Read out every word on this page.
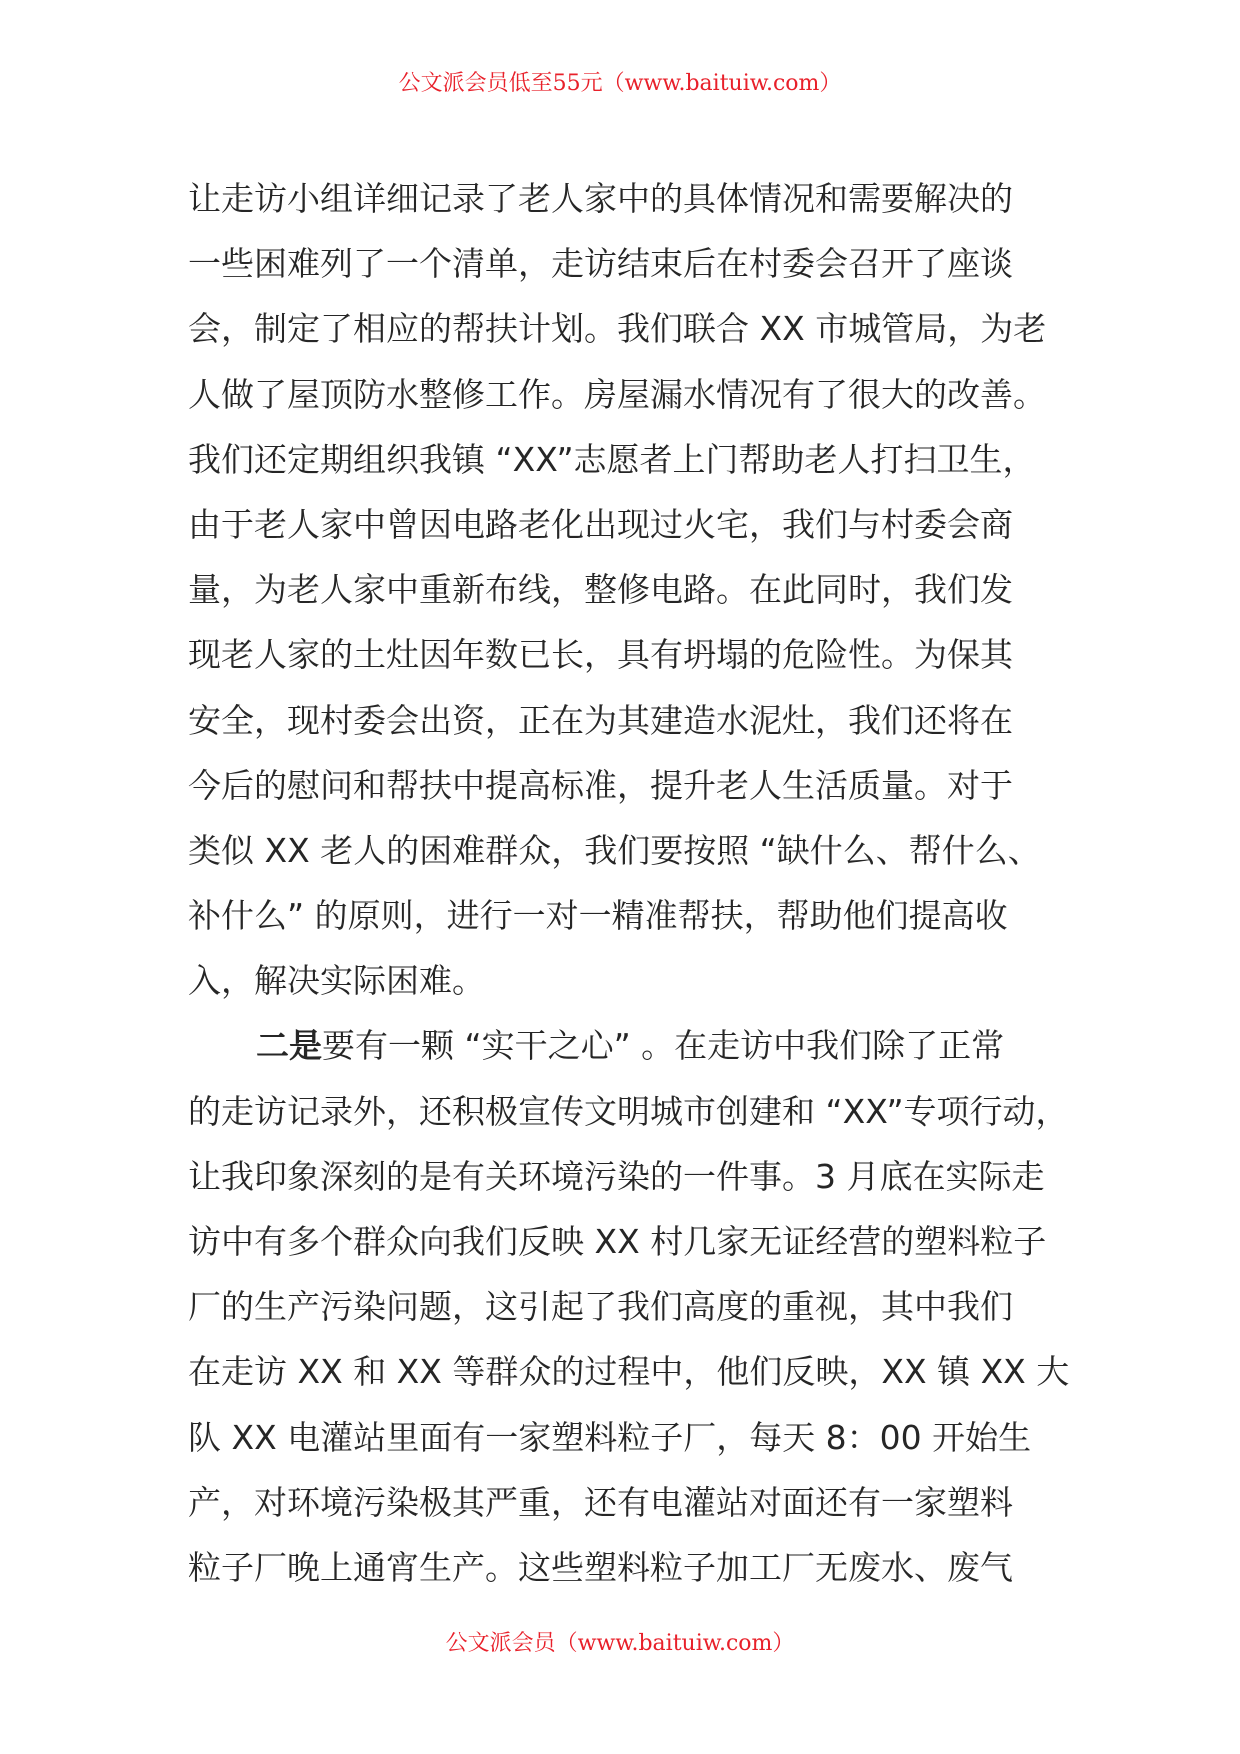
公文派会员低至55元（www.baituiw.com）
让走访小组详细记录了老人家中的具体情况和需要解决的
一些困难列了一个清单，走访结束后在村委会召开了座谈
会，制定了相应的帮扶计划。我们联合 XX 市城管局，为老
人做了屋顶防水整修工作。房屋漏水情况有了很大的改善。
我们还定期组织我镇 “XX”志愿者上门帮助老人打扫卫生，
由于老人家中曾因电路老化出现过火宅，我们与村委会商
量，为老人家中重新布线，整修电路。在此同时，我们发
现老人家的土灶因年数已长，具有坍塌的危险性。为保其
安全，现村委会出资，正在为其建造水泥灶，我们还将在
今后的慰问和帮扶中提高标准，提升老人生活质量。对于
类似 XX 老人的困难群众，我们要按照 “缺什么、帮什么、
补什么” 的原则，进行一对一精准帮扶，帮助他们提高收
入，解决实际困难。
二是要有一颗 “实干之心” 。在走访中我们除了正常
的走访记录外，还积极宣传文明城市创建和 “XX”专项行动，
让我印象深刻的是有关环境污染的一件事。3 月底在实际走
访中有多个群众向我们反映 XX 村几家无证经营的塑料粒子
厂的生产污染问题，这引起了我们高度的重视，其中我们
在走访 XX 和 XX 等群众的过程中，他们反映，XX 镇 XX 大
队 XX 电灌站里面有一家塑料粒子厂，每天 8：00 开始生
产，对环境污染极其严重，还有电灌站对面还有一家塑料
粒子厂晚上通宵生产。这些塑料粒子加工厂无废水、废气
公文派会员（www.baituiw.com）
